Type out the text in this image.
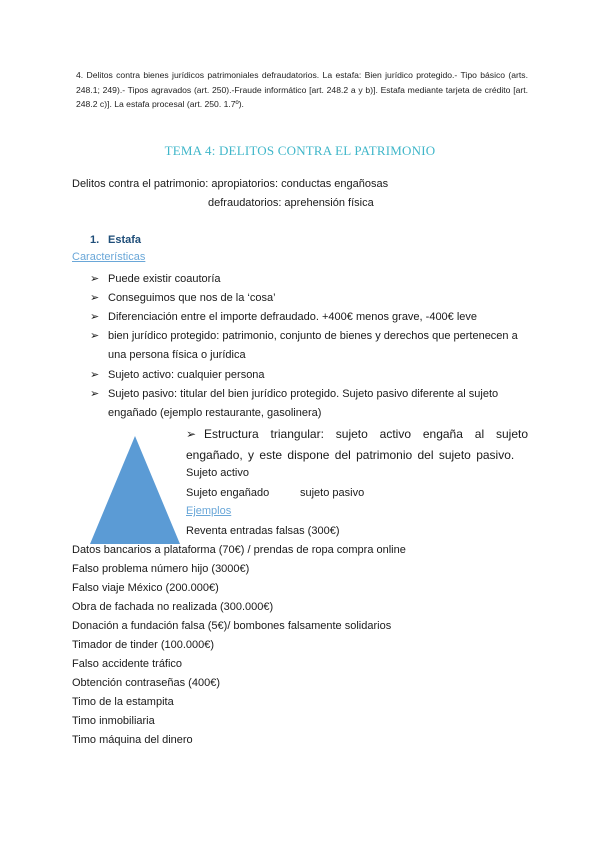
4. Delitos contra bienes jurídicos patrimoniales defraudatorios. La estafa: Bien jurídico protegido.- Tipo básico (arts. 248.1; 249).- Tipos agravados (art. 250).-Fraude informático [art. 248.2 a y b)]. Estafa mediante tarjeta de crédito [art. 248.2 c)]. La estafa procesal (art. 250. 1.7º).
TEMA 4: DELITOS CONTRA EL PATRIMONIO
Delitos contra el patrimonio: apropiatorios: conductas engañosas
defraudatorios: aprehensión física
1. Estafa
Características
➢ Puede existir coautoría
➢ Conseguimos que nos de la ‘cosa’
➢ Diferenciación entre el importe defraudado. +400€ menos grave, -400€ leve
➢ bien jurídico protegido: patrimonio, conjunto de bienes y derechos que pertenecen a
una persona física o jurídica
➢ Sujeto activo: cualquier persona
➢ Sujeto pasivo: titular del bien jurídico protegido. Sujeto pasivo diferente al sujeto
engañado (ejemplo restaurante, gasolinera)
➢ Estructura triangular: sujeto activo engaña al sujeto engañado, y este dispone del patrimonio del sujeto pasivo.
Sujeto activo
Sujeto engañado	sujeto pasivo
Ejemplos
Reventa entradas falsas (300€)
Datos bancarios a plataforma (70€) / prendas de ropa compra online
Falso problema número hijo (3000€)
Falso viaje México (200.000€)
Obra de fachada no realizada (300.000€)
Donación a fundación falsa (5€)/ bombones falsamente solidarios
Timador de tinder (100.000€)
Falso accidente tráfico
Obtención contraseñas (400€)
Timo de la estampita
Timo inmobiliaria
Timo máquina del dinero
